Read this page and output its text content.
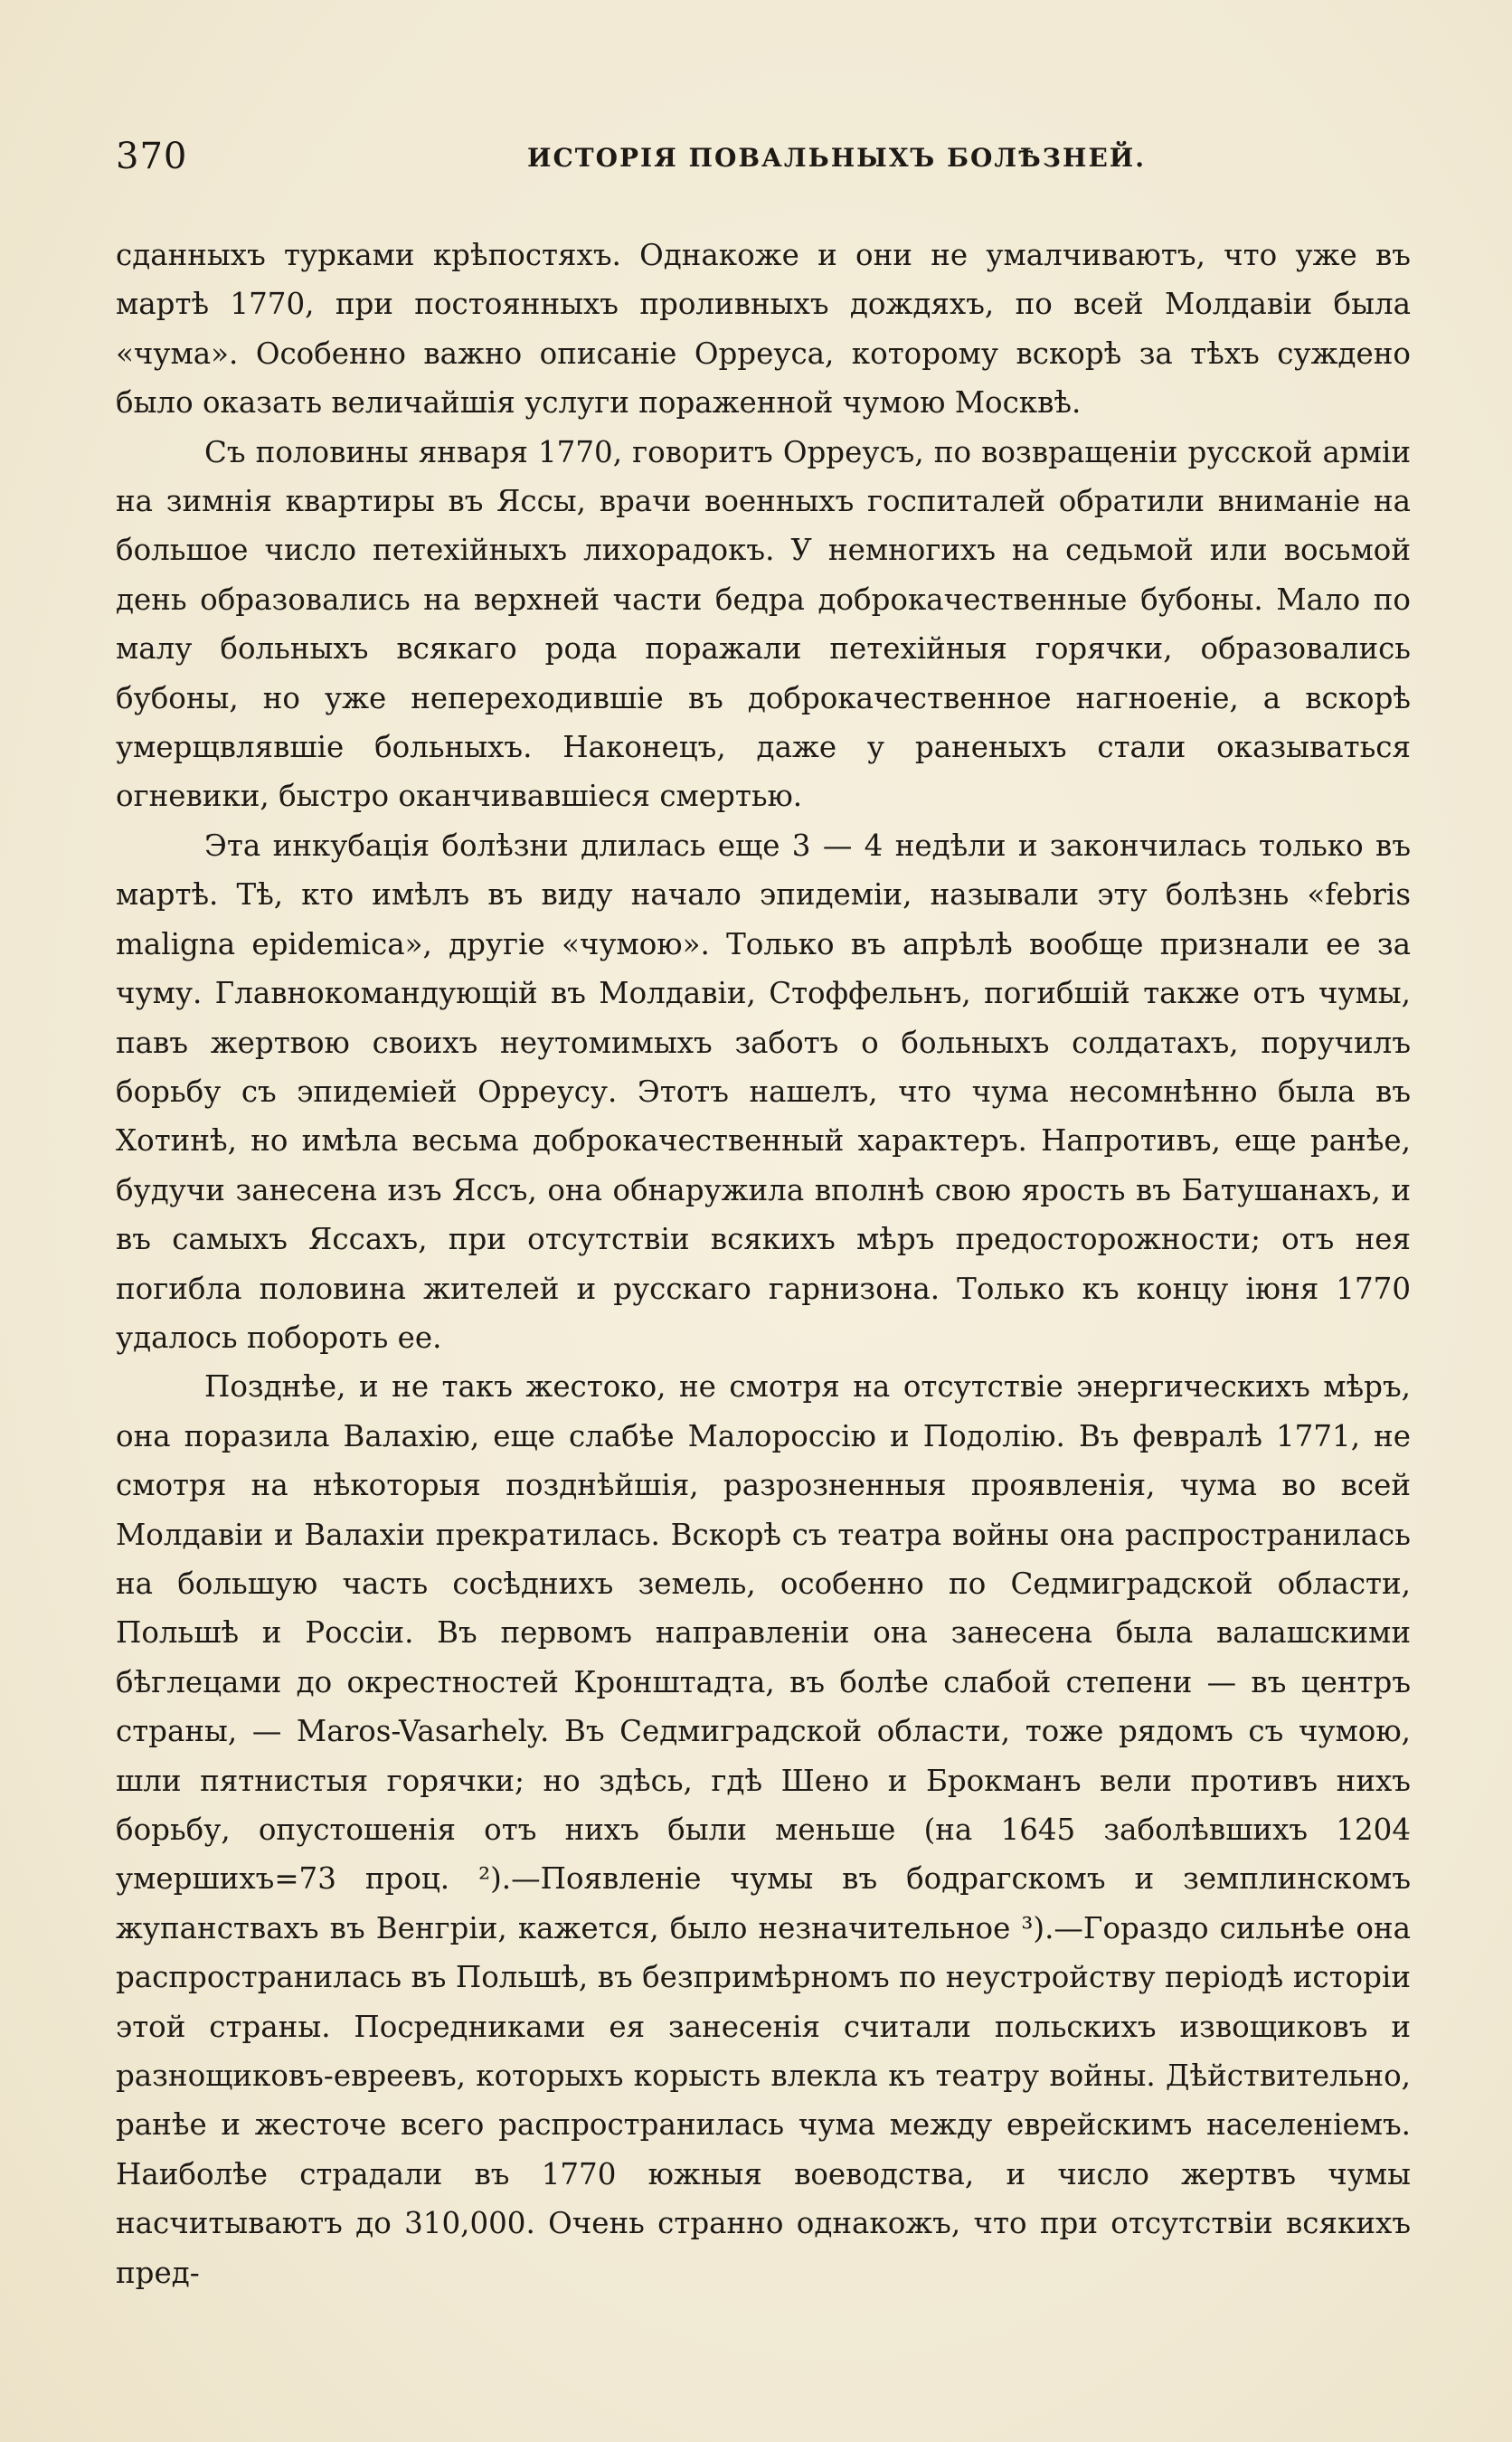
370	ИСТОРІЯ ПОВАЛЬНЫХЪ БОЛѢЗНЕЙ.

сданныхъ турками крѣпостяхъ. Однакоже и они не умалчиваютъ, что уже въ мартѣ 1770, при постоянныхъ проливныхъ дождяхъ, по всей Молдавіи была «чума». Особенно важно описаніе Орреуса, которому вскорѣ за тѣхъ суждено было оказать величайшія услуги пораженной чумою Москвѣ.

Съ половины января 1770, говоритъ Орреусъ, по возвращеніи русской арміи на зимнія квартиры въ Яссы, врачи военныхъ госпиталей обратили вниманіе на большое число петехійныхъ лихорадокъ. У немногихъ на седьмой или восьмой день образовались на верхней части бедра доброкачественные бубоны. Мало по малу больныхъ всякаго рода поражали петехійныя горячки, образовались бубоны, но уже непереходившіе въ доброкачественное нагноеніе, а вскорѣ умерщвлявшіе больныхъ. Наконецъ, даже у раненыхъ стали оказываться огневики, быстро оканчивавшіеся смертью.

Эта инкубація болѣзни длилась еще 3 — 4 недѣли и закончилась только въ мартѣ. Тѣ, кто имѣлъ въ виду начало эпидеміи, называли эту болѣзнь «febris maligna epidemica», другіе «чумою». Только въ апрѣлѣ вообще признали ее за чуму. Главнокомандующій въ Молдавіи, Стоффельнъ, погибшій также отъ чумы, павъ жертвою своихъ неутомимыхъ заботъ о больныхъ солдатахъ, поручилъ борьбу съ эпидеміей Орреусу. Этотъ нашелъ, что чума несомнѣнно была въ Хотинѣ, но имѣла весьма доброкачественный характеръ. Напротивъ, еще ранѣе, будучи занесена изъ Яссъ, она обнаружила вполнѣ свою ярость въ Батушанахъ, и въ самыхъ Яссахъ, при отсутствіи всякихъ мѣръ предосторожности; отъ нея погибла половина жителей и русскаго гарнизона. Только къ концу іюня 1770 удалось побороть ее.

Позднѣе, и не такъ жестоко, не смотря на отсутствіе энергическихъ мѣръ, она поразила Валахію, еще слабѣе Малороссію и Подолію. Въ февралѣ 1771, не смотря на нѣкоторыя позднѣйшія, разрозненныя проявленія, чума во всей Молдавіи и Валахіи прекратилась. Вскорѣ съ театра войны она распространилась на большую часть сосѣднихъ земель, особенно по Седмиградской области, Польшѣ и Россіи. Въ первомъ направленіи она занесена была валашскими бѣглецами до окрестностей Кронштадта, въ болѣе слабой степени — въ центръ страны, — Maros-Vasarhely. Въ Седмиградской области, тоже рядомъ съ чумою, шли пятнистыя горячки; но здѣсь, гдѣ Шено и Брокманъ вели противъ нихъ борьбу, опустошенія отъ нихъ были меньше (на 1645 заболѣвшихъ 1204 умершихъ=73 проц. ²).—Появленіе чумы въ бодрагскомъ и земплинскомъ жупанствахъ въ Венгріи, кажется, было незначительное ³).—Гораздо сильнѣе она распространилась въ Польшѣ, въ безпримѣрномъ по неустройству періодѣ исторіи этой страны. Посредниками ея занесенія считали польскихъ извощиковъ и разнощиковъ-евреевъ, которыхъ корысть влекла къ театру войны. Дѣйствительно, ранѣе и жесточе всего распространилась чума между еврейскимъ населеніемъ. Наиболѣе страдали въ 1770 южныя воеводства, и число жертвъ чумы насчитываютъ до 310,000. Очень странно однакожъ, что при отсутствіи всякихъ пред-
